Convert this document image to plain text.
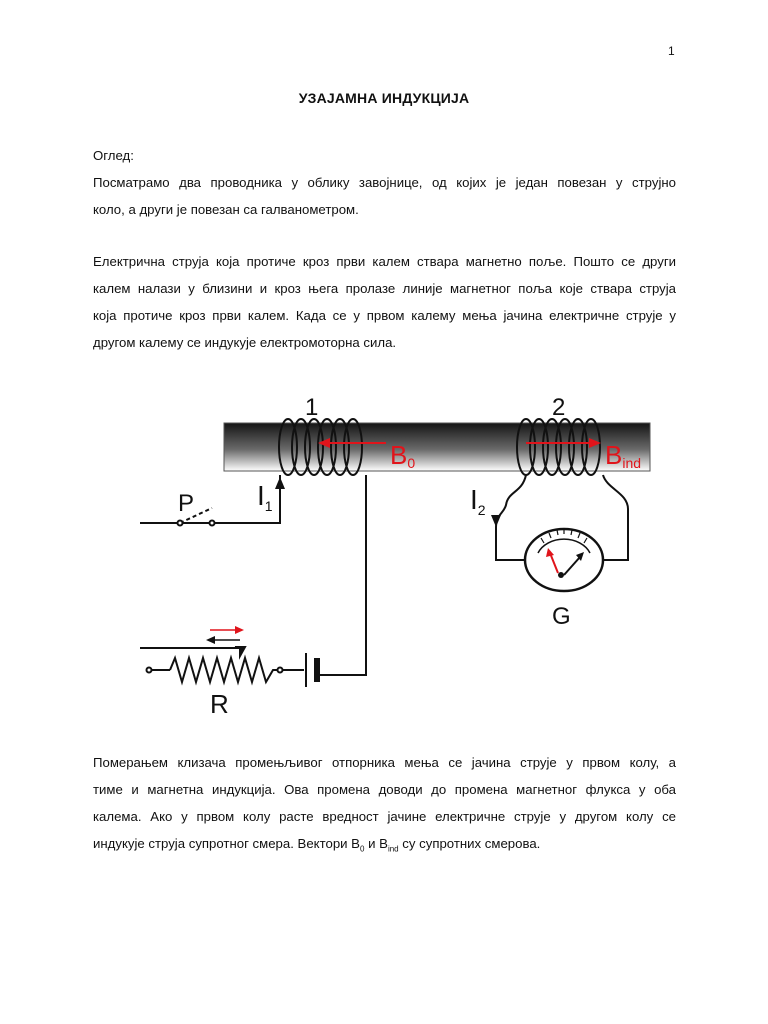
1
УЗАЈАМНА ИНДУКЦИЈА
Оглед:
Посматрамо два проводника у облику завојнице, од којих је један повезан у струјно
коло, а други је повезан са галванометром.
Електрична струја која протиче кроз први калем ствара магнетно поље. Пошто се други
калем налази у близини и кроз њега пролазе линије магнетног поља које ствара струја
која протиче кроз први калем. Када се у првом калему мења јачина електричне струје у
другом калему се индукује електромоторна сила.
1	2
B0	Bind
$I_1$	$I_2$
P
R
G
Померањем клизача промењљивог отпорника мења се јачина струје у првом колу, а
тиме и магнетна индукција. Ова промена доводи до промена магнетног флукса у оба
калема. Ако у првом колу расте вредност јачине електричне струје у другом колу се
индукује струја супротног смера. Вектори $B_0$ и $B_{ind}$ су супротних смерова.
